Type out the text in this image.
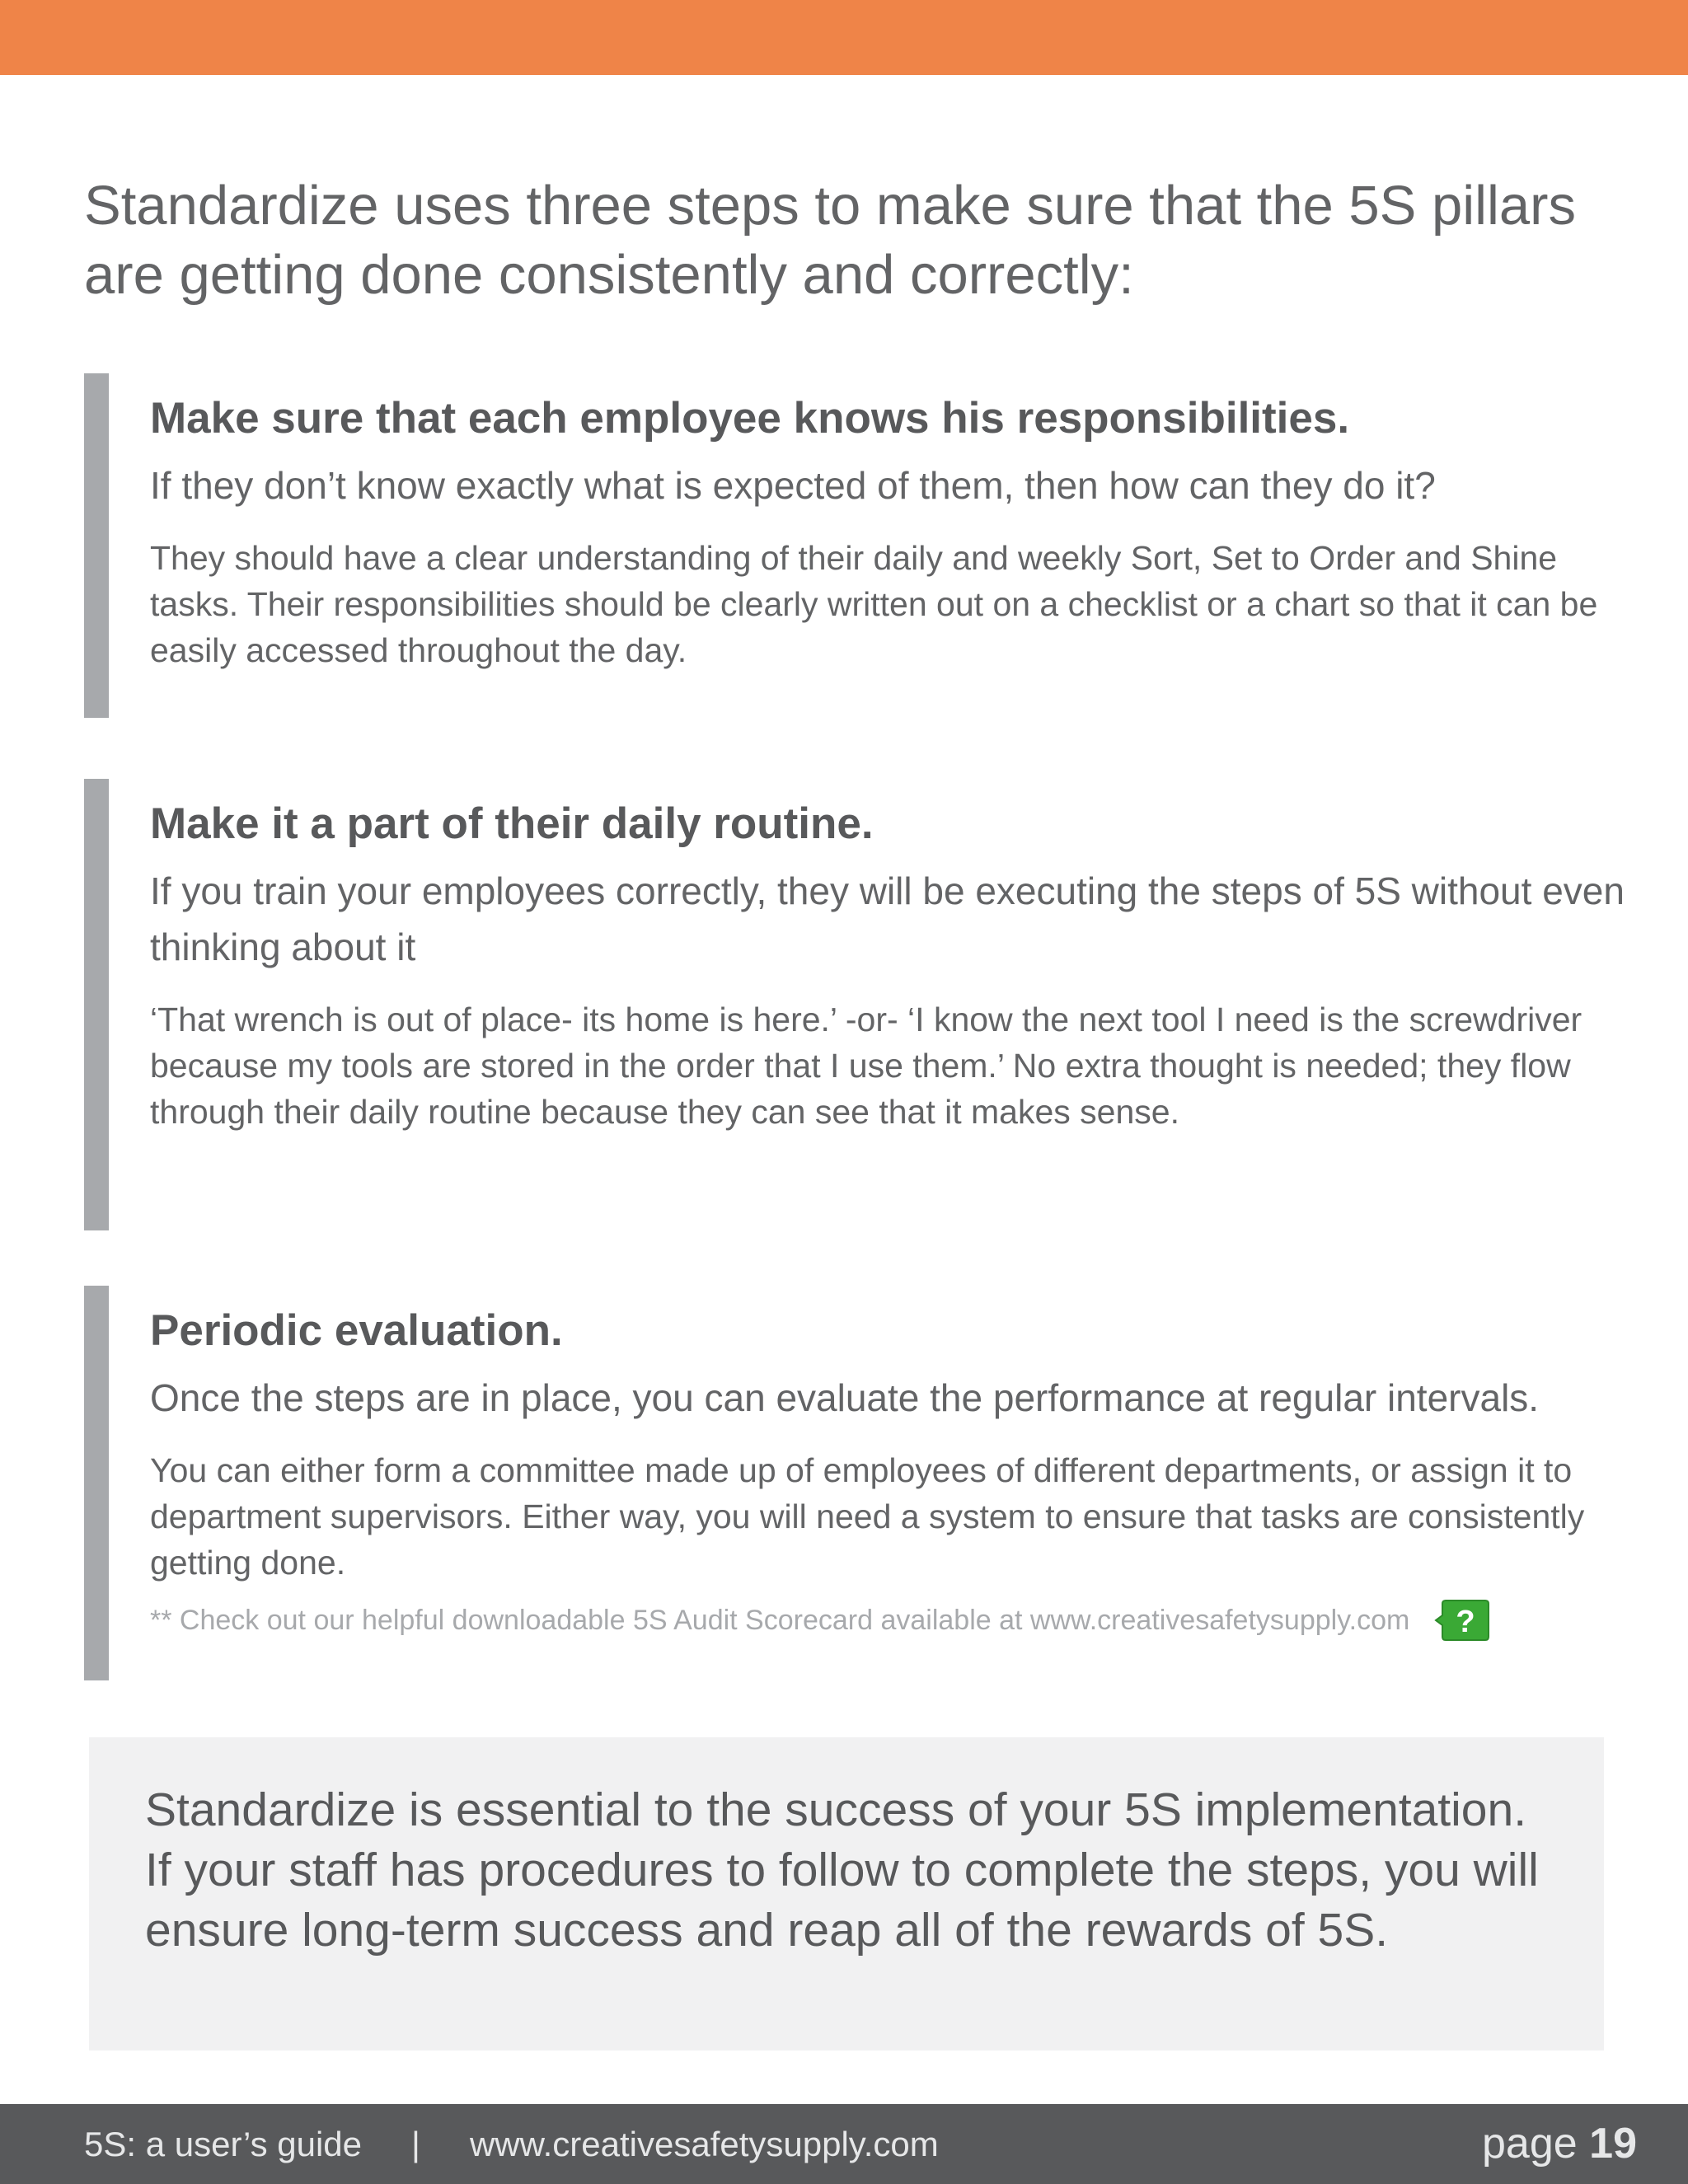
Standardize uses three steps to make sure that the 5S pillars are getting done consistently and correctly:

Make sure that each employee knows his responsibilities.

If they don’t know exactly what is expected of them, then how can they do it?

They should have a clear understanding of their daily and weekly Sort, Set to Order and Shine tasks. Their responsibilities should be clearly written out on a checklist or a chart so that it can be easily accessed throughout the day.

Make it a part of their daily routine.

If you train your employees correctly, they will be executing the steps of 5S without even thinking about it

‘That wrench is out of place- its home is here.’ -or- ‘I know the next tool I need is the screwdriver because my tools are stored in the order that I use them.’ No extra thought is needed; they flow through their daily routine because they can see that it makes sense.

Periodic evaluation.

Once the steps are in place, you can evaluate the performance at regular intervals.

You can either form a committee made up of employees of different departments, or assign it to department supervisors. Either way, you will need a system to ensure that tasks are consistently getting done.

** Check out our helpful downloadable 5S Audit Scorecard available at www.creativesafetysupply.com ?

Standardize is essential to the success of your 5S implementation. If your staff has procedures to follow to complete the steps, you will ensure long-term success and reap all of the rewards of 5S.

5S: a user’s guide | www.creativesafetysupply.com	page 19
